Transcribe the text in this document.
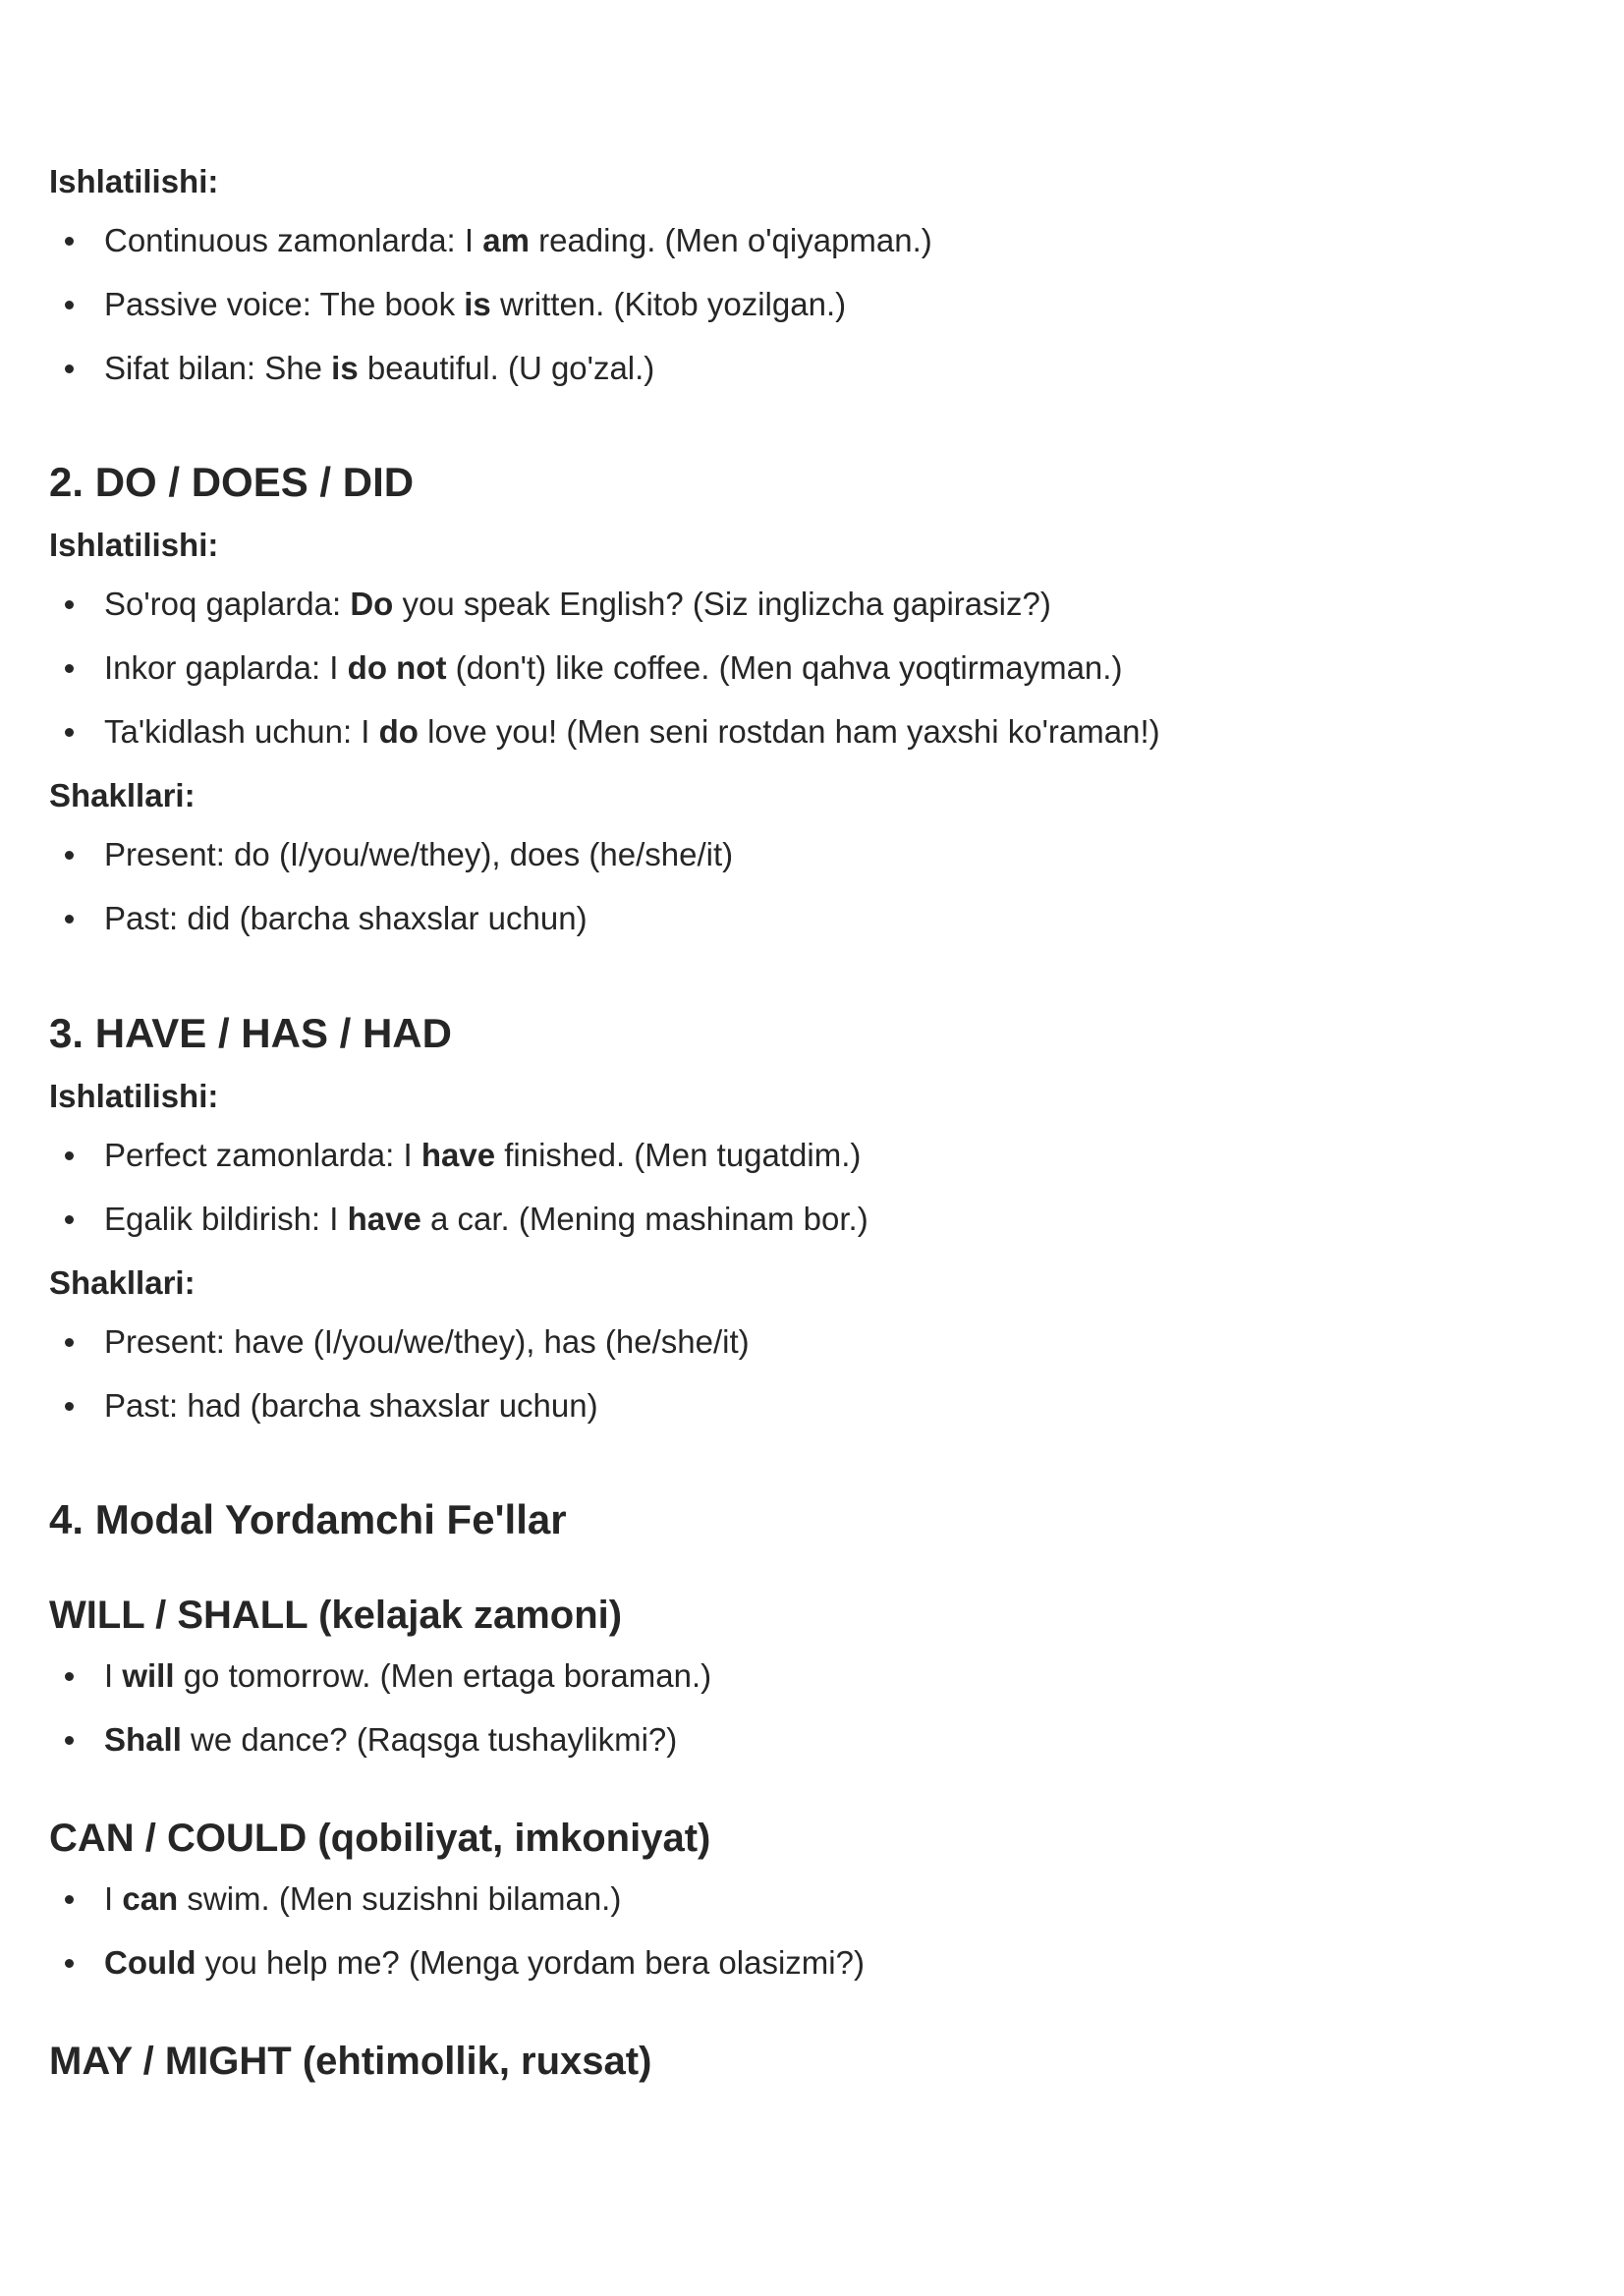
Ishlatilishi:

Continuous zamonlarda: I am reading. (Men o'qiyapman.)

Passive voice: The book is written. (Kitob yozilgan.)

Sifat bilan: She is beautiful. (U go'zal.)

2. DO / DOES / DID

Ishlatilishi:

So'roq gaplarda: Do you speak English? (Siz inglizcha gapirasiz?)

Inkor gaplarda: I do not (don't) like coffee. (Men qahva yoqtirmayman.)

Ta'kidlash uchun: I do love you! (Men seni rostdan ham yaxshi ko'raman!)

Shakllari:

Present: do (I/you/we/they), does (he/she/it)

Past: did (barcha shaxslar uchun)

3. HAVE / HAS / HAD

Ishlatilishi:

Perfect zamonlarda: I have finished. (Men tugatdim.)

Egalik bildirish: I have a car. (Mening mashinam bor.)

Shakllari:

Present: have (I/you/we/they), has (he/she/it)

Past: had (barcha shaxslar uchun)

4. Modal Yordamchi Fe'llar
WILL / SHALL (kelajak zamoni)

I will go tomorrow. (Men ertaga boraman.)

Shall we dance? (Raqsga tushaylikmi?)

CAN / COULD (qobiliyat, imkoniyat)

I can swim. (Men suzishni bilaman.)

Could you help me? (Menga yordam bera olasizmi?)

MAY / MIGHT (ehtimollik, ruxsat)
